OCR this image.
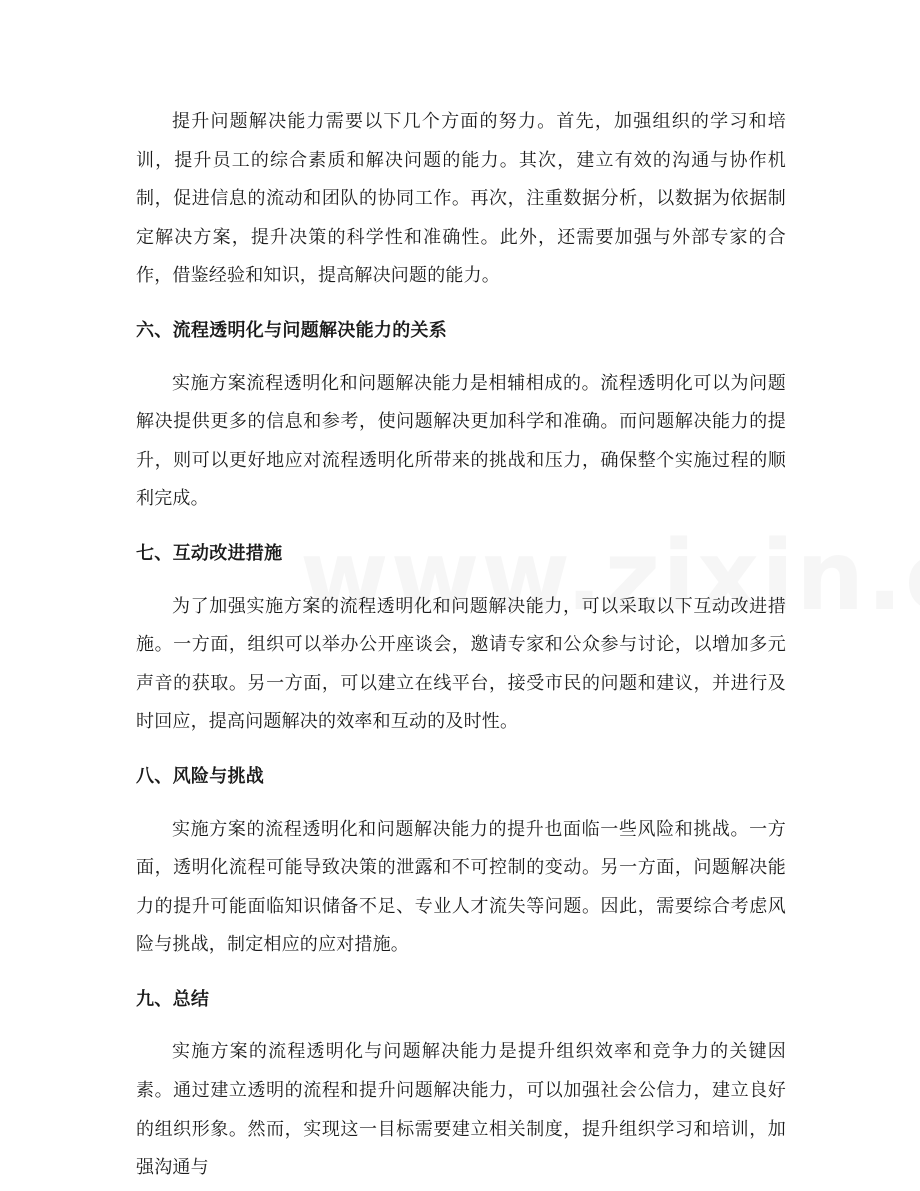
提升问题解决能力需要以下几个方面的努力。首先，加强组织的学习和培训，提升员工的综合素质和解决问题的能力。其次，建立有效的沟通与协作机制，促进信息的流动和团队的协同工作。再次，注重数据分析，以数据为依据制定解决方案，提升决策的科学性和准确性。此外，还需要加强与外部专家的合作，借鉴经验和知识，提高解决问题的能力。

六、流程透明化与问题解决能力的关系

实施方案流程透明化和问题解决能力是相辅相成的。流程透明化可以为问题解决提供更多的信息和参考，使问题解决更加科学和准确。而问题解决能力的提升，则可以更好地应对流程透明化所带来的挑战和压力，确保整个实施过程的顺利完成。

七、互动改进措施

为了加强实施方案的流程透明化和问题解决能力，可以采取以下互动改进措施。一方面，组织可以举办公开座谈会，邀请专家和公众参与讨论，以增加多元声音的获取。另一方面，可以建立在线平台，接受市民的问题和建议，并进行及时回应，提高问题解决的效率和互动的及时性。

八、风险与挑战

实施方案的流程透明化和问题解决能力的提升也面临一些风险和挑战。一方面，透明化流程可能导致决策的泄露和不可控制的变动。另一方面，问题解决能力的提升可能面临知识储备不足、专业人才流失等问题。因此，需要综合考虑风险与挑战，制定相应的应对措施。

九、总结

实施方案的流程透明化与问题解决能力是提升组织效率和竞争力的关键因素。通过建立透明的流程和提升问题解决能力，可以加强社会公信力，建立良好的组织形象。然而，实现这一目标需要建立相关制度，提升组织学习和培训，加强沟通与
